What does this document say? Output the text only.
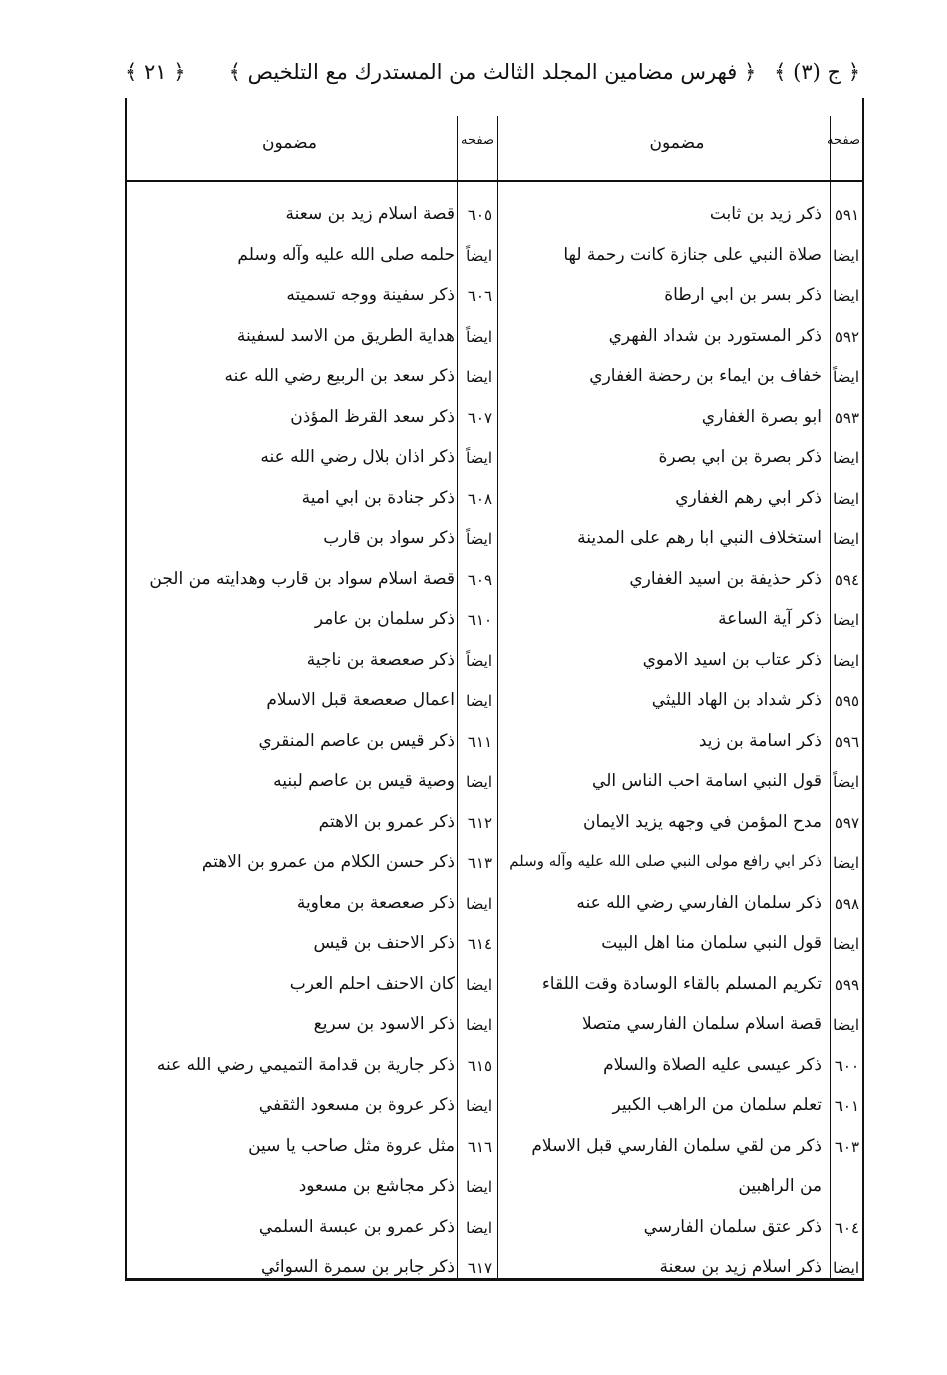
﴿ ج (٣) ﴾
﴿ فهرس مضامين المجلد الثالث من المستدرك مع التلخيص ﴾
﴿ ٢١ ﴾
صفحه
مضمون
صفحه
مضمون
٥٩١
ذكر زيد بن ثابت
ايضا
صلاة النبي على جنازة كانت رحمة لها
ايضا
ذكر بسر بن ابي ارطاة
٥٩٢
ذكر المستورد بن شداد الفهري
ايضاً
خفاف بن ايماء بن رحضة الغفاري
٥٩٣
ابو بصرة الغفاري
ايضا
ذكر بصرة بن ابي بصرة
ايضا
ذكر ابي رهم الغفاري
ايضا
استخلاف النبي ابا رهم على المدينة
٥٩٤
ذكر حذيفة بن اسيد الغفاري
ايضا
ذكر آية الساعة
ايضا
ذكر عتاب بن اسيد الاموي
٥٩٥
ذكر شداد بن الهاد الليثي
٥٩٦
ذكر اسامة بن زيد
ايضاً
قول النبي اسامة احب الناس الي
٥٩٧
مدح المؤمن في وجهه يزيد الايمان
ايضا
ذكر ابي رافع مولى النبي صلى الله عليه وآله وسلم
٥٩٨
ذكر سلمان الفارسي رضي الله عنه
ايضا
قول النبي سلمان منا اهل البيت
٥٩٩
تكريم المسلم بالقاء الوسادة وقت اللقاء
ايضا
قصة اسلام سلمان الفارسي متصلا
٦٠٠
ذكر عيسى عليه الصلاة والسلام
٦٠١
تعلم سلمان من الراهب الكبير
٦٠٣
ذكر من لقي سلمان الفارسي قبل الاسلام
من الراهبين
٦٠٤
ذكر عتق سلمان الفارسي
ايضا
ذكر اسلام زيد بن سعنة
٦٠٥
قصة اسلام زيد بن سعنة
ايضاً
حلمه صلى الله عليه وآله وسلم
٦٠٦
ذكر سفينة ووجه تسميته
ايضاً
هداية الطريق من الاسد لسفينة
ايضا
ذكر سعد بن الربيع رضي الله عنه
٦٠٧
ذكر سعد القرظ المؤذن
ايضاً
ذكر اذان بلال رضي الله عنه
٦٠٨
ذكر جنادة بن ابي امية
ايضاً
ذكر سواد بن قارب
٦٠٩
قصة اسلام سواد بن قارب وهدايته من الجن
٦١٠
ذكر سلمان بن عامر
ايضاً
ذكر صعصعة بن ناجية
ايضا
اعمال صعصعة قبل الاسلام
٦١١
ذكر قيس بن عاصم المنقري
ايضا
وصية قيس بن عاصم لبنيه
٦١٢
ذكر عمرو بن الاهتم
٦١٣
ذكر حسن الكلام من عمرو بن الاهتم
ايضا
ذكر صعصعة بن معاوية
٦١٤
ذكر الاحنف بن قيس
ايضا
كان الاحنف احلم العرب
ايضا
ذكر الاسود بن سريع
٦١٥
ذكر جارية بن قدامة التميمي رضي الله عنه
ايضا
ذكر عروة بن مسعود الثقفي
٦١٦
مثل عروة مثل صاحب يا سين
ايضا
ذكر مجاشع بن مسعود
ايضا
ذكر عمرو بن عبسة السلمي
٦١٧
ذكر جابر بن سمرة السوائي
